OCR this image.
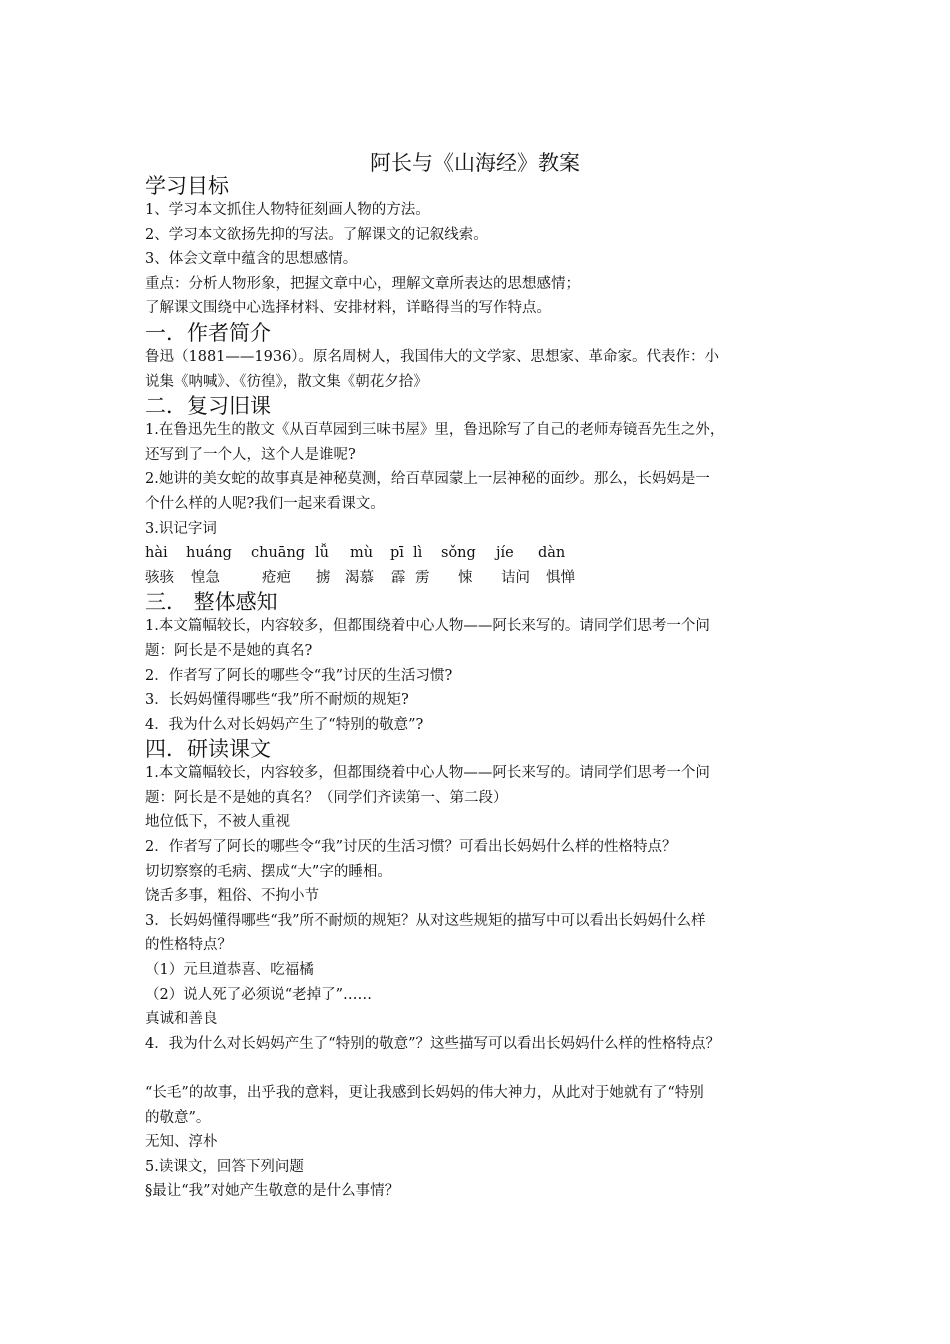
阿长与《山海经》教案
学习目标
1、学习本文抓住人物特征刻画人物的方法。
2、学习本文欲扬先抑的写法。了解课文的记叙线索。
3、体会文章中蕴含的思想感情。
重点：分析人物形象，把握文章中心，理解文章所表达的思想感情；
了解课文围绕中心选择材料、安排材料，详略得当的写作特点。
一．作者简介
鲁迅（1881——1936）。原名周树人，我国伟大的文学家、思想家、革命家。代表作：小
说集《呐喊》、《彷徨》，散文集《朝花夕拾》
二．复习旧课
1.在鲁迅先生的散文《从百草园到三味书屋》里，鲁迅除写了自己的老师寿镜吾先生之外，
还写到了一个人，这个人是谁呢?
2.她讲的美女蛇的故事真是神秘莫测，给百草园蒙上一层神秘的面纱。那么，长妈妈是一
个什么样的人呢?我们一起来看课文。
3.识记字词
hài huáng chuāng lǚ mù pī lì sǒng jíe dàn
骇骇 惶急	疮疤 掳 渴慕 霹 雳 悚 诘问 惧惮
三． 整体感知
1.本文篇幅较长，内容较多，但都围绕着中心人物——阿长来写的。请同学们思考一个问
题：阿长是不是她的真名?
2．作者写了阿长的哪些令“我”讨厌的生活习惯?
3．长妈妈懂得哪些“我”所不耐烦的规矩?
4．我为什么对长妈妈产生了“特别的敬意”?
四．研读课文
1.本文篇幅较长，内容较多，但都围绕着中心人物——阿长来写的。请同学们思考一个问
题：阿长是不是她的真名？（同学们齐读第一、第二段）
地位低下，不被人重视
2．作者写了阿长的哪些令“我”讨厌的生活习惯？可看出长妈妈什么样的性格特点？
切切察察的毛病、摆成“大”字的睡相。
饶舌多事，粗俗、不拘小节
3．长妈妈懂得哪些“我”所不耐烦的规矩？从对这些规矩的描写中可以看出长妈妈什么样
的性格特点？
（1）元旦道恭喜、吃福橘
（2）说人死了必须说“老掉了”……
真诚和善良
4．我为什么对长妈妈产生了“特别的敬意”？这些描写可以看出长妈妈什么样的性格特点？
“长毛”的故事，出乎我的意料，更让我感到长妈妈的伟大神力，从此对于她就有了“特别
的敬意”。
无知、淳朴
5.读课文，回答下列问题
§最让“我”对她产生敬意的是什么事情？
